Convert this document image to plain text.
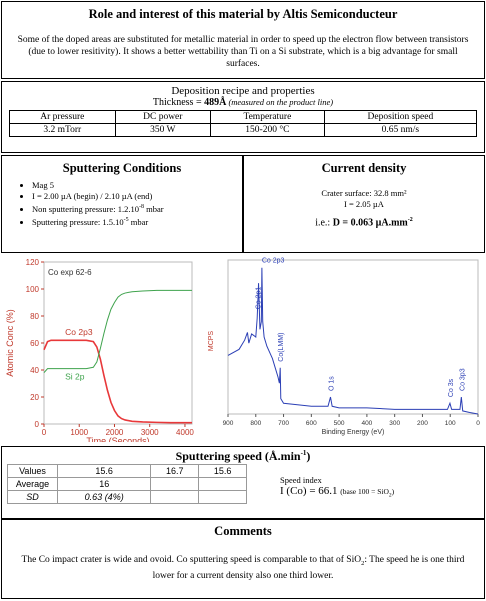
Role and interest of this material by Altis Semiconducteur
Some of the doped areas are substituted for metallic material in order to speed up the electron flow between transistors (due to lower resitivity). It shows a better wettability than Ti on a Si substrate, which is a big advantage for small surfaces.
Deposition recipe and properties
Thickness = 489Å (measured on the product line)
Ar pressure	DC power	Temperature	Deposition speed
3.2 mTorr	350 W	150-200 °C	0.65 nm/s
Sputtering Conditions
• Mag 5
• I = 2.00 µA (begin) / 2.10 µA (end)
• Non sputtering pressure: $1.2.10^{-8}$ mbar
• Sputtering pressure: $1.5.10^{-5}$ mbar
Current density
Crater surface: 32.8 mm²
I = 2.05 µA
i.e.: D = 0.063 $\mu A.mm^{-2}$
0
20
40
60
80
100
120
0	1000 2000 3000 4000
Time (Seconds)
Atomic Conc (%)
Co exp 62-6
Co 2p3
Si 2p
900	800	700	600	500	400	300	200	100	0
Binding Energy (eV)
MCPS
Co 2p3
Co 2p1
Co(LMM)
O 1s	Co 3s Co 3p3
Sputtering speed $(Å.\min^{-1})$
Values	15.6	16.7	15.6
Average	16		
SD	0.63 (4%)		
Speed index
I (Co) = 66.1 (base 100 = SiO$_2$)
Comments
The Co impact crater is wide and ovoid. Co sputtering speed is comparable to that of SiO$_2$: The speed he is one third lower for a current density also one third lower.
